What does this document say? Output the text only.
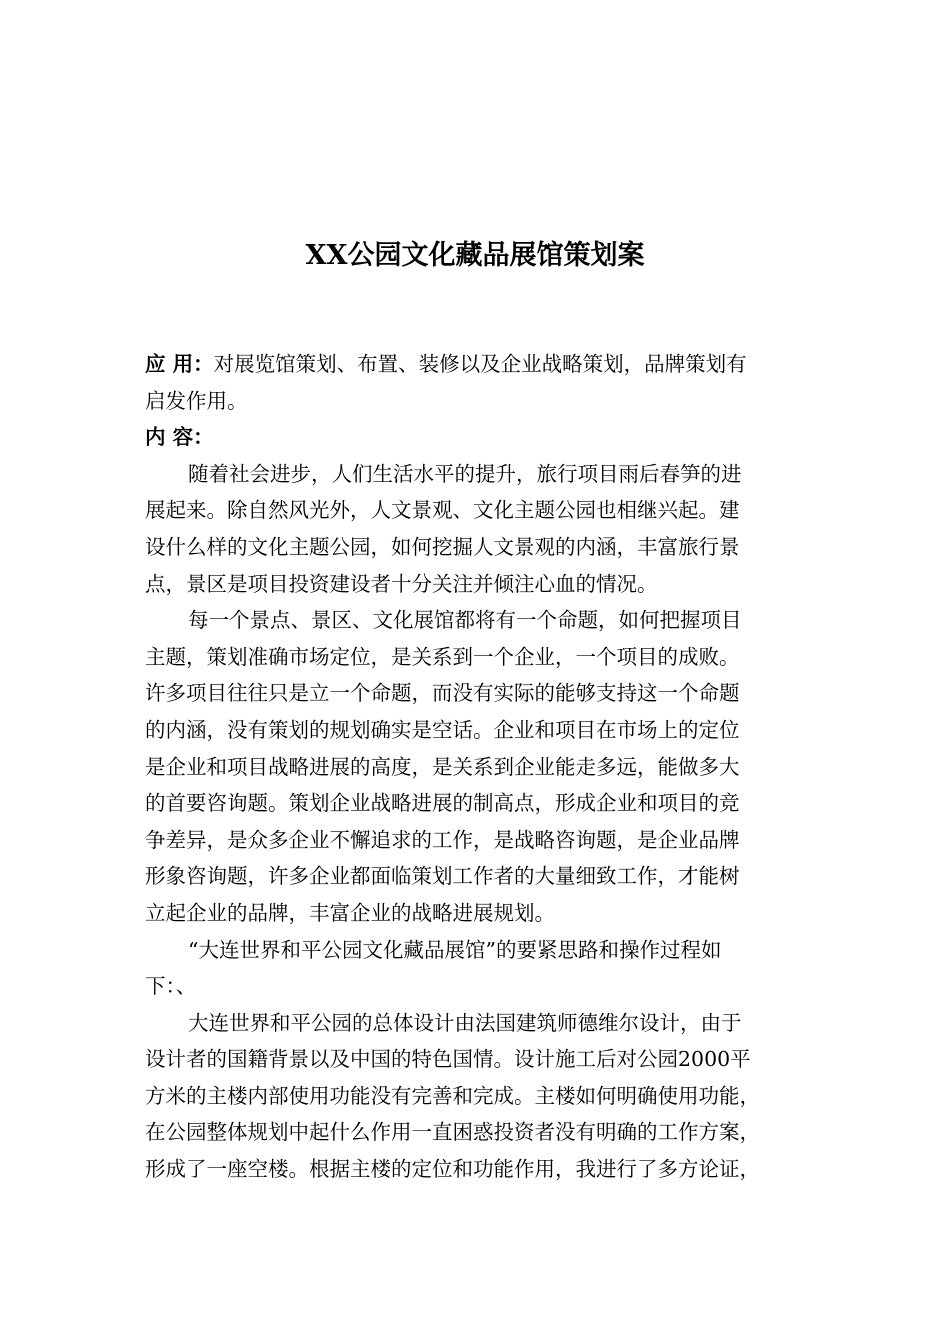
XX公园文化藏品展馆策划案
应 用：对展览馆策划、布置、装修以及企业战略策划，品牌策划有
启发作用。
内 容：
随着社会进步，人们生活水平的提升，旅行项目雨后春笋的进
展起来。除自然风光外，人文景观、文化主题公园也相继兴起。建
设什么样的文化主题公园，如何挖掘人文景观的内涵，丰富旅行景
点，景区是项目投资建设者十分关注并倾注心血的情况。
每一个景点、景区、文化展馆都将有一个命题，如何把握项目
主题，策划准确市场定位，是关系到一个企业，一个项目的成败。
许多项目往往只是立一个命题，而没有实际的能够支持这一个命题
的内涵，没有策划的规划确实是空话。企业和项目在市场上的定位
是企业和项目战略进展的高度，是关系到企业能走多远，能做多大
的首要咨询题。策划企业战略进展的制高点，形成企业和项目的竞
争差异，是众多企业不懈追求的工作，是战略咨询题，是企业品牌
形象咨询题，许多企业都面临策划工作者的大量细致工作，才能树
立起企业的品牌，丰富企业的战略进展规划。
“大连世界和平公园文化藏品展馆”的要紧思路和操作过程如
下：、
大连世界和平公园的总体设计由法国建筑师德维尔设计，由于
设计者的国籍背景以及中国的特色国情。设计施工后对公园2000平
方米的主楼内部使用功能没有完善和完成。主楼如何明确使用功能，
在公园整体规划中起什么作用一直困惑投资者没有明确的工作方案，
形成了一座空楼。根据主楼的定位和功能作用，我进行了多方论证，
